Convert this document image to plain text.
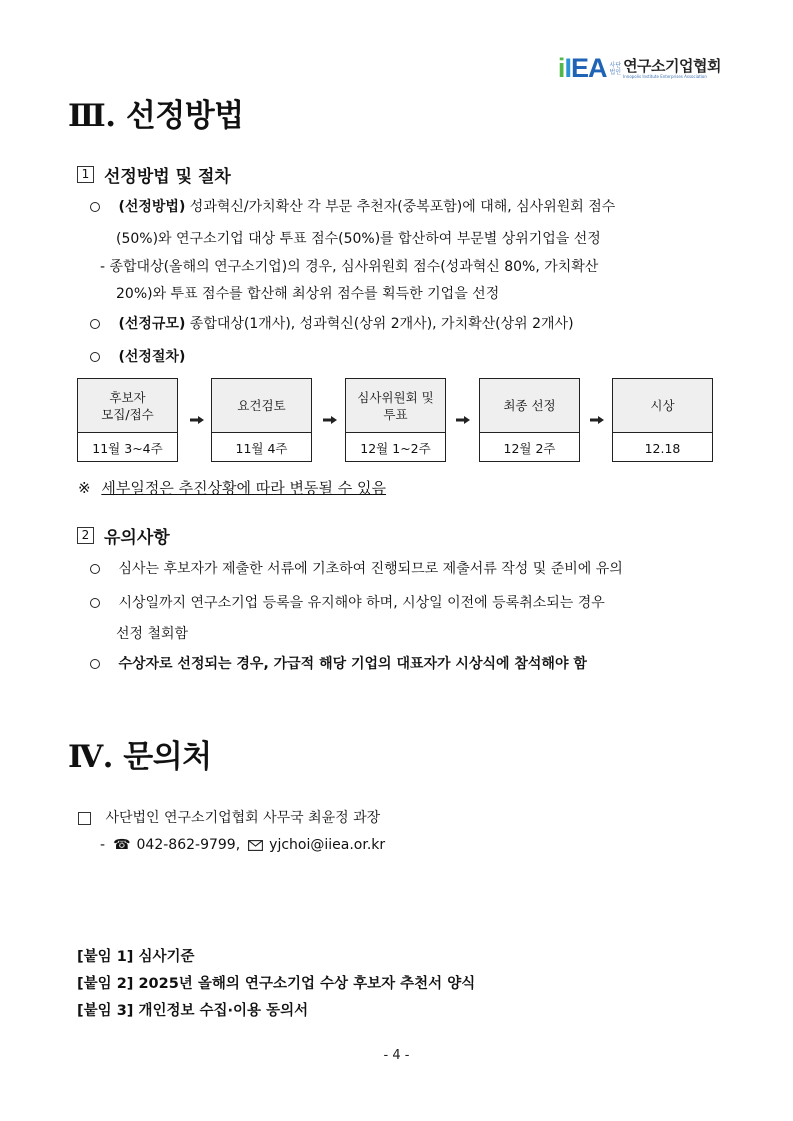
iIEA 사단
법인 연구소기업협회
Innopolis Institute Enterprises Association
Ⅲ. 선정방법
1 선정방법 및 절차
(선정방법) 성과혁신/가치확산 각 부문 추천자(중복포함)에 대해, 심사위원회 점수
(50%)와 연구소기업 대상 투표 점수(50%)를 합산하여 부문별 상위기업을 선정
- 종합대상(올해의 연구소기업)의 경우, 심사위원회 점수(성과혁신 80%, 가치확산
20%)와 투표 점수를 합산해 최상위 점수를 획득한 기업을 선정
(선정규모) 종합대상(1개사), 성과혁신(상위 2개사), 가치확산(상위 2개사)
(선정절차)
후보자
모집/접수
11월 3~4주
요건검토
11월 4주
심사위원회 및
투표
12월 1~2주
최종 선정
12월 2주
시상
12.18
※ 세부일정은 추진상황에 따라 변동될 수 있음
2 유의사항
심사는 후보자가 제출한 서류에 기초하여 진행되므로 제출서류 작성 및 준비에 유의
시상일까지 연구소기업 등록을 유지해야 하며, 시상일 이전에 등록취소되는 경우
선정 철회함
수상자로 선정되는 경우, 가급적 해당 기업의 대표자가 시상식에 참석해야 함
Ⅳ. 문의처
사단법인 연구소기업협회 사무국 최윤정 과장
- ☎ 042-862-9799, yjchoi@iiea.or.kr
[붙임 1] 심사기준
[붙임 2] 2025년 올해의 연구소기업 수상 후보자 추천서 양식
[붙임 3] 개인정보 수집·이용 동의서
- 4 -
